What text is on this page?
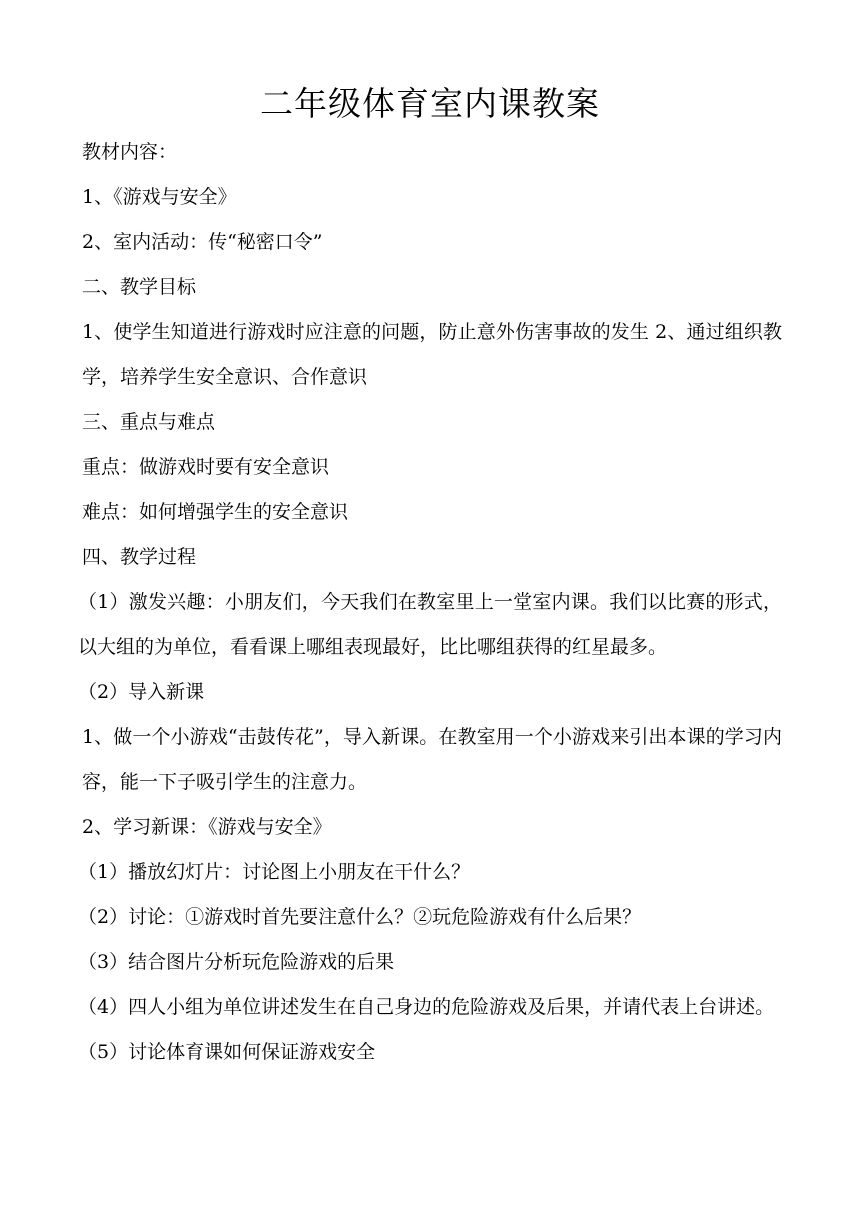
二年级体育室内课教案
教材内容：
1、《游戏与安全》
2、室内活动：传“秘密口令”
二、教学目标
1、使学生知道进行游戏时应注意的问题，防止意外伤害事故的发生 2、通过组织教学，培养学生安全意识、合作意识
三、重点与难点
重点：做游戏时要有安全意识
难点：如何增强学生的安全意识
四、教学过程
（1）激发兴趣：小朋友们，今天我们在教室里上一堂室内课。我们以比赛的形式，以大组的为单位，看看课上哪组表现最好，比比哪组获得的红星最多。
（2）导入新课
1、做一个小游戏“击鼓传花”，导入新课。在教室用一个小游戏来引出本课的学习内容，能一下子吸引学生的注意力。
2、学习新课：《游戏与安全》
（1）播放幻灯片：讨论图上小朋友在干什么？
（2）讨论：①游戏时首先要注意什么？②玩危险游戏有什么后果？
（3）结合图片分析玩危险游戏的后果
（4）四人小组为单位讲述发生在自己身边的危险游戏及后果，并请代表上台讲述。
（5）讨论体育课如何保证游戏安全
